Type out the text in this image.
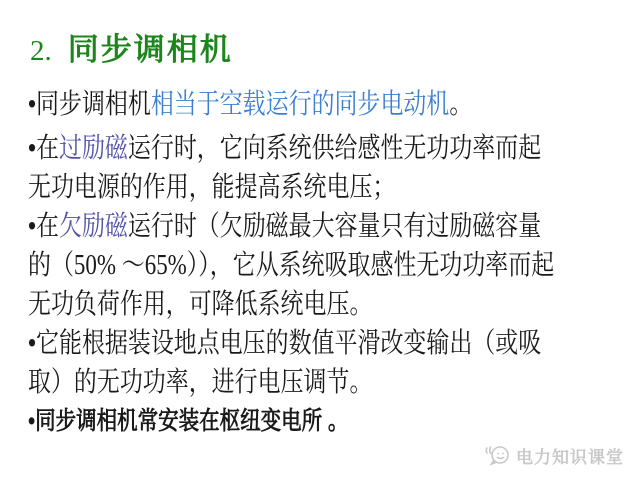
2. 同步调相机
•同步调相机相当于空载运行的同步电动机。
•在过励磁运行时，它向系统供给感性无功功率而起
无功电源的作用，能提高系统电压；
•在欠励磁运行时（欠励磁最大容量只有过励磁容量
的（50% ～65%）），它从系统吸取感性无功功率而起
无功负荷作用，可降低系统电压。
•它能根据装设地点电压的数值平滑改变输出（或吸
取）的无功功率，进行电压调节。
•同步调相机常安装在枢纽变电所 。
电力知识课堂
